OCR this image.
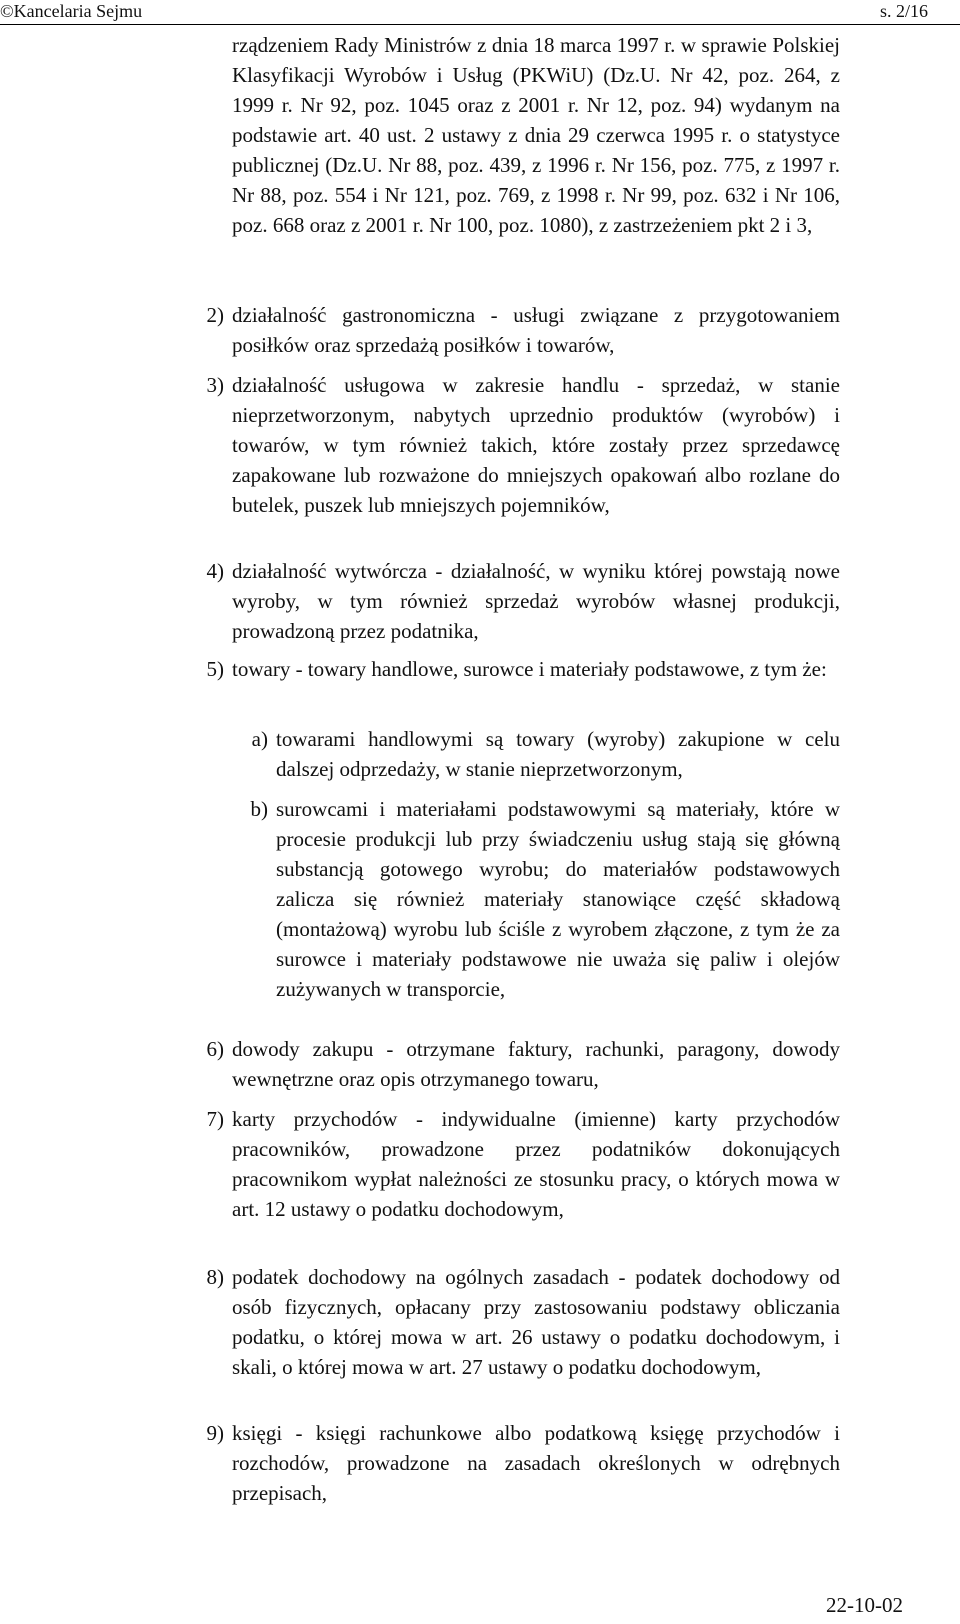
©Kancelaria Sejmu	s. 2/16
rządzeniem Rady Ministrów z dnia 18 marca 1997 r. w sprawie Polskiej Klasyfikacji Wyrobów i Usług (PKWiU) (Dz.U. Nr 42, poz. 264, z 1999 r. Nr 92, poz. 1045 oraz z 2001 r. Nr 12, poz. 94) wydanym na podstawie art. 40 ust. 2 ustawy z dnia 29 czerwca 1995 r. o statystyce publicznej (Dz.U. Nr 88, poz. 439, z 1996 r. Nr 156, poz. 775, z 1997 r. Nr 88, poz. 554 i Nr 121, poz. 769, z 1998 r. Nr 99, poz. 632 i Nr 106, poz. 668 oraz z 2001 r. Nr 100, poz. 1080), z zastrzeżeniem pkt 2 i 3,
2) działalność gastronomiczna - usługi związane z przygotowaniem posiłków oraz sprzedażą posiłków i towarów,
3) działalność usługowa w zakresie handlu - sprzedaż, w stanie nieprzetworzonym, nabytych uprzednio produktów (wyrobów) i towarów, w tym również takich, które zostały przez sprzedawcę zapakowane lub rozważone do mniejszych opakowań albo rozlane do butelek, puszek lub mniejszych pojemników,
4) działalność wytwórcza - działalność, w wyniku której powstają nowe wyroby, w tym również sprzedaż wyrobów własnej produkcji, prowadzoną przez podatnika,
5) towary - towary handlowe, surowce i materiały podstawowe, z tym że:
a) towarami handlowymi są towary (wyroby) zakupione w celu dalszej odprzedaży, w stanie nieprzetworzonym,
b) surowcami i materiałami podstawowymi są materiały, które w procesie produkcji lub przy świadczeniu usług stają się główną substancją gotowego wyrobu; do materiałów podstawowych zalicza się również materiały stanowiące część składową (montażową) wyrobu lub ściśle z wyrobem złączone, z tym że za surowce i materiały podstawowe nie uważa się paliw i olejów zużywanych w transporcie,
6) dowody zakupu - otrzymane faktury, rachunki, paragony, dowody wewnętrzne oraz opis otrzymanego towaru,
7) karty przychodów - indywidualne (imienne) karty przychodów pracowników, prowadzone przez podatników dokonujących pracownikom wypłat należności ze stosunku pracy, o których mowa w art. 12 ustawy o podatku dochodowym,
8) podatek dochodowy na ogólnych zasadach - podatek dochodowy od osób fizycznych, opłacany przy zastosowaniu podstawy obliczania podatku, o której mowa w art. 26 ustawy o podatku dochodowym, i skali, o której mowa w art. 27 ustawy o podatku dochodowym,
9) księgi - księgi rachunkowe albo podatkową księgę przychodów i rozchodów, prowadzone na zasadach określonych w odrębnych przepisach,
22-10-02
